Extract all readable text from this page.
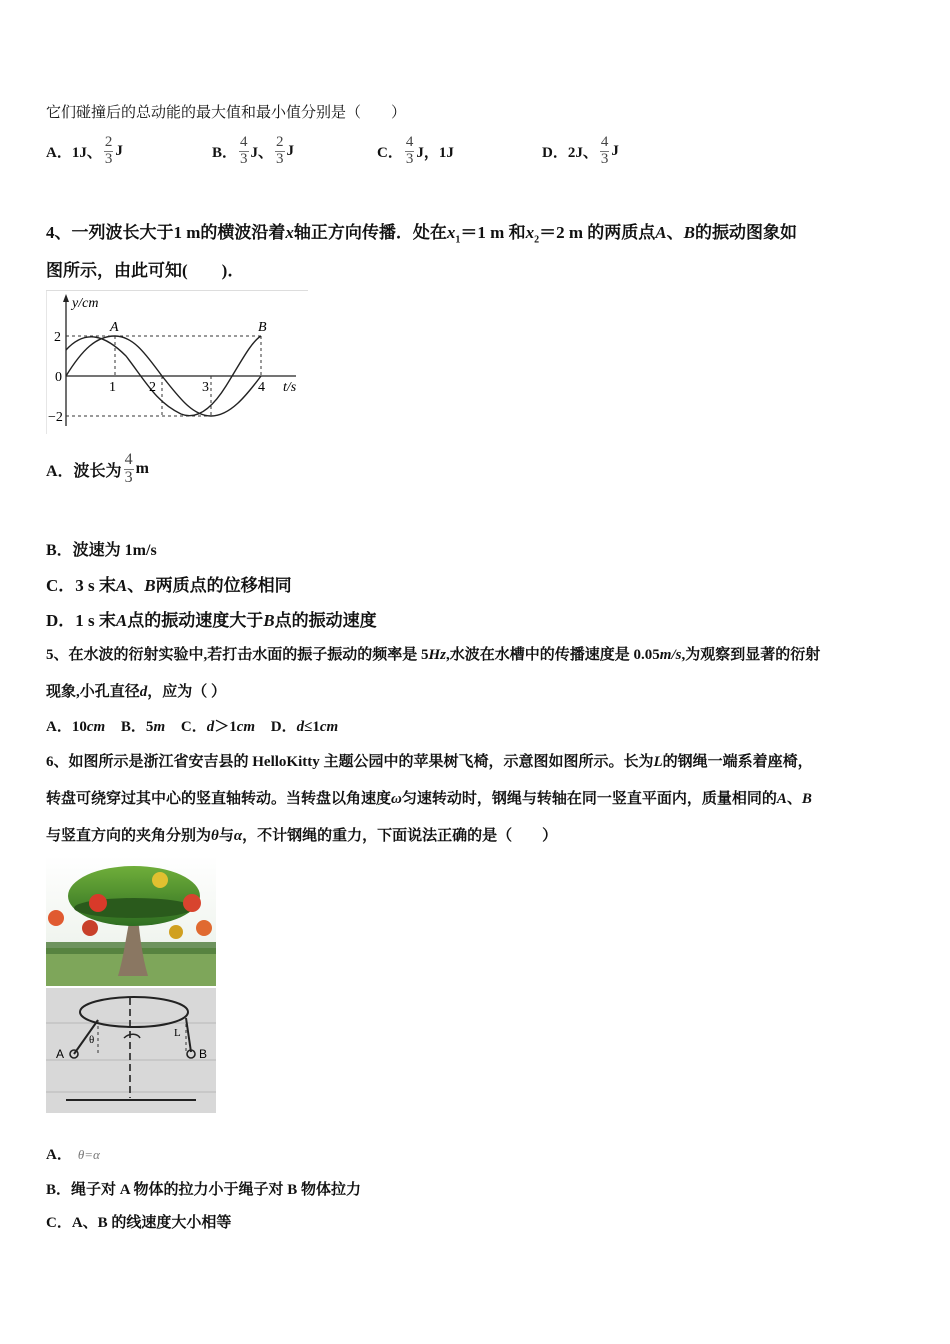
它们碰撞后的总动能的最大值和最小值分别是（　　）
A．1J、 $\frac{2}{3}$ J	B． $\frac{4}{3}$ J、 $\frac{2}{3}$ J	C． $\frac{4}{3}$ J，1J	D．2J、 $\frac{4}{3}$ J
4、一列波长大于1 m的横波沿着x轴正方向传播．处在$x_1=1$ m 和$x_2=2$ m 的两质点A、B的振动图象如
图所示，由此可知(　　)．
y/cm
2
0
−2
1 2	3	4 t/s
A	B
A．波长为 $\frac{4}{3}$ m
B．波速为 1m/s
C．3 s 末A、B两质点的位移相同
D．1 s 末A点的振动速度大于B点的振动速度
5、在水波的衍射实验中,若打击水面的振子振动的频率是 5Hz,水波在水槽中的传播速度是 0.05m/s,为观察到显著的衍射
现象,小孔直径d，应为（ ）
A．10cm B．5m C．d＞1cm D．d≤1cm
6、如图所示是浙江省安吉县的 HelloKitty 主题公园中的苹果树飞椅，示意图如图所示。长为L的钢绳一端系着座椅，
转盘可绕穿过其中心的竖直轴转动。当转盘以角速度ω匀速转动时，钢绳与转轴在同一竖直平面内，质量相同的A、B
与竖直方向的夹角分别为θ与α，不计钢绳的重力，下面说法正确的是（　　）
A	B
θ
L
A． θ=α
B．绳子对 A 物体的拉力小于绳子对 B 物体拉力
C．A、B 的线速度大小相等
